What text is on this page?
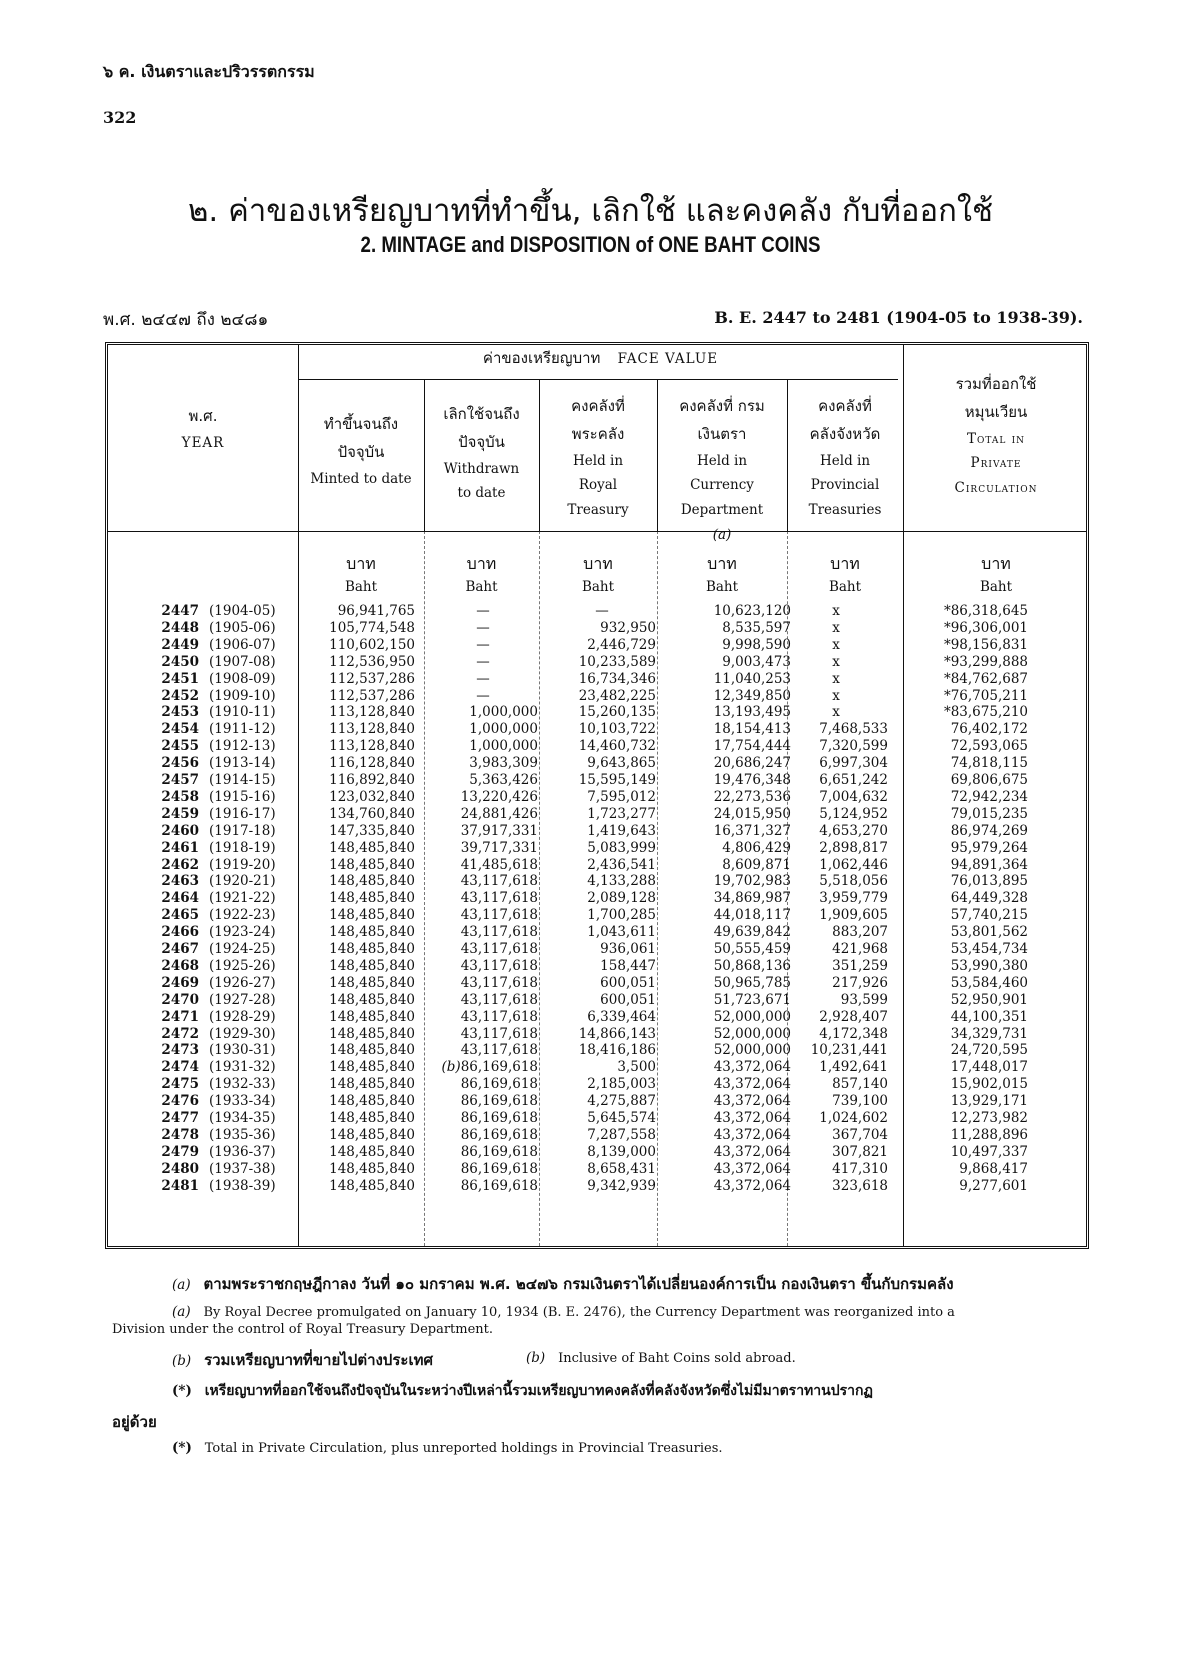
๖ ค. เงินตราและปริวรรตกรรม
322
๒. ค่าของเหรียญบาทที่ทำขึ้น, เลิกใช้ และคงคลัง กับที่ออกใช้
2. MINTAGE and DISPOSITION of ONE BAHT COINS
พ.ศ. ๒๔๔๗ ถึง ๒๔๘๑	B. E. 2447 to 2481 (1904-05 to 1938-39).
พ.ศ.
YEAR
ค่าของเหรียญบาท FACE VALUE
ทำขึ้นจนถึง ปัจจุบัน
Minted to date
เลิกใช้จนถึง ปัจจุบัน
Withdrawn to date
คงคลังที่ พระคลัง
Held in Royal Treasury
คงคลังที่ กรมเงินตรา
Held in Currency Department (a)
คงคลังที่ คลังจังหวัด
Held in Provincial Treasuries
รวมที่ออกใช้ หมุนเวียน
Total in Private Circulation
บาท
Baht
บาท
Baht
บาท
Baht
บาท
Baht
บาท
Baht
บาท
Baht
2447 (1904-05)	96,941,765	—	—	10,623,120	x	*86,318,645
2448 (1905-06)	105,774,548	—	932,950	8,535,597	x	*96,306,001
2449 (1906-07)	110,602,150	—	2,446,729	9,998,590	x	*98,156,831
2450 (1907-08)	112,536,950	—	10,233,589	9,003,473	x	*93,299,888
2451 (1908-09)	112,537,286	—	16,734,346	11,040,253	x	*84,762,687
2452 (1909-10)	112,537,286	—	23,482,225	12,349,850	x	*76,705,211
2453 (1910-11)	113,128,840	1,000,000	15,260,135	13,193,495	x	*83,675,210
2454 (1911-12)	113,128,840	1,000,000	10,103,722	18,154,413	7,468,533	76,402,172
2455 (1912-13)	113,128,840	1,000,000	14,460,732	17,754,444	7,320,599	72,593,065
2456 (1913-14)	116,128,840	3,983,309	9,643,865	20,686,247	6,997,304	74,818,115
2457 (1914-15)	116,892,840	5,363,426	15,595,149	19,476,348	6,651,242	69,806,675
2458 (1915-16)	123,032,840	13,220,426	7,595,012	22,273,536	7,004,632	72,942,234
2459 (1916-17)	134,760,840	24,881,426	1,723,277	24,015,950	5,124,952	79,015,235
2460 (1917-18)	147,335,840	37,917,331	1,419,643	16,371,327	4,653,270	86,974,269
2461 (1918-19)	148,485,840	39,717,331	5,083,999	4,806,429	2,898,817	95,979,264
2462 (1919-20)	148,485,840	41,485,618	2,436,541	8,609,871	1,062,446	94,891,364
2463 (1920-21)	148,485,840	43,117,618	4,133,288	19,702,983	5,518,056	76,013,895
2464 (1921-22)	148,485,840	43,117,618	2,089,128	34,869,987	3,959,779	64,449,328
2465 (1922-23)	148,485,840	43,117,618	1,700,285	44,018,117	1,909,605	57,740,215
2466 (1923-24)	148,485,840	43,117,618	1,043,611	49,639,842	883,207	53,801,562
2467 (1924-25)	148,485,840	43,117,618	936,061	50,555,459	421,968	53,454,734
2468 (1925-26)	148,485,840	43,117,618	158,447	50,868,136	351,259	53,990,380
2469 (1926-27)	148,485,840	43,117,618	600,051	50,965,785	217,926	53,584,460
2470 (1927-28)	148,485,840	43,117,618	600,051	51,723,671	93,599	52,950,901
2471 (1928-29)	148,485,840	43,117,618	6,339,464	52,000,000	2,928,407	44,100,351
2472 (1929-30)	148,485,840	43,117,618	14,866,143	52,000,000	4,172,348	34,329,731
2473 (1930-31)	148,485,840	43,117,618	18,416,186	52,000,000	10,231,441	24,720,595
2474 (1931-32)	148,485,840	(b)86,169,618	3,500	43,372,064	1,492,641	17,448,017
2475 (1932-33)	148,485,840	86,169,618	2,185,003	43,372,064	857,140	15,902,015
2476 (1933-34)	148,485,840	86,169,618	4,275,887	43,372,064	739,100	13,929,171
2477 (1934-35)	148,485,840	86,169,618	5,645,574	43,372,064	1,024,602	12,273,982
2478 (1935-36)	148,485,840	86,169,618	7,287,558	43,372,064	367,704	11,288,896
2479 (1936-37)	148,485,840	86,169,618	8,139,000	43,372,064	307,821	10,497,337
2480 (1937-38)	148,485,840	86,169,618	8,658,431	43,372,064	417,310	9,868,417
2481 (1938-39)	148,485,840	86,169,618	9,342,939	43,372,064	323,618	9,277,601
(a) ตามพระราชกฤษฎีกาลง วันที่ ๑๐ มกราคม พ.ศ. ๒๔๗๖ กรมเงินตราได้เปลี่ยนองค์การเป็น กองเงินตรา ขึ้นกับกรมคลัง
(a) By Royal Decree promulgated on January 10, 1934 (B. E. 2476), the Currency Department was reorganized into a
Division under the control of Royal Treasury Department.
(b) รวมเหรียญบาทที่ขายไปต่างประเทศ	(b) Inclusive of Baht Coins sold abroad.
(*) เหรียญบาทที่ออกใช้จนถึงปัจจุบันในระหว่างปีเหล่านี้รวมเหรียญบาทคงคลังที่คลังจังหวัดซึ่งไม่มีมาตราทานปรากฏ
อยู่ด้วย
(*) Total in Private Circulation, plus unreported holdings in Provincial Treasuries.
